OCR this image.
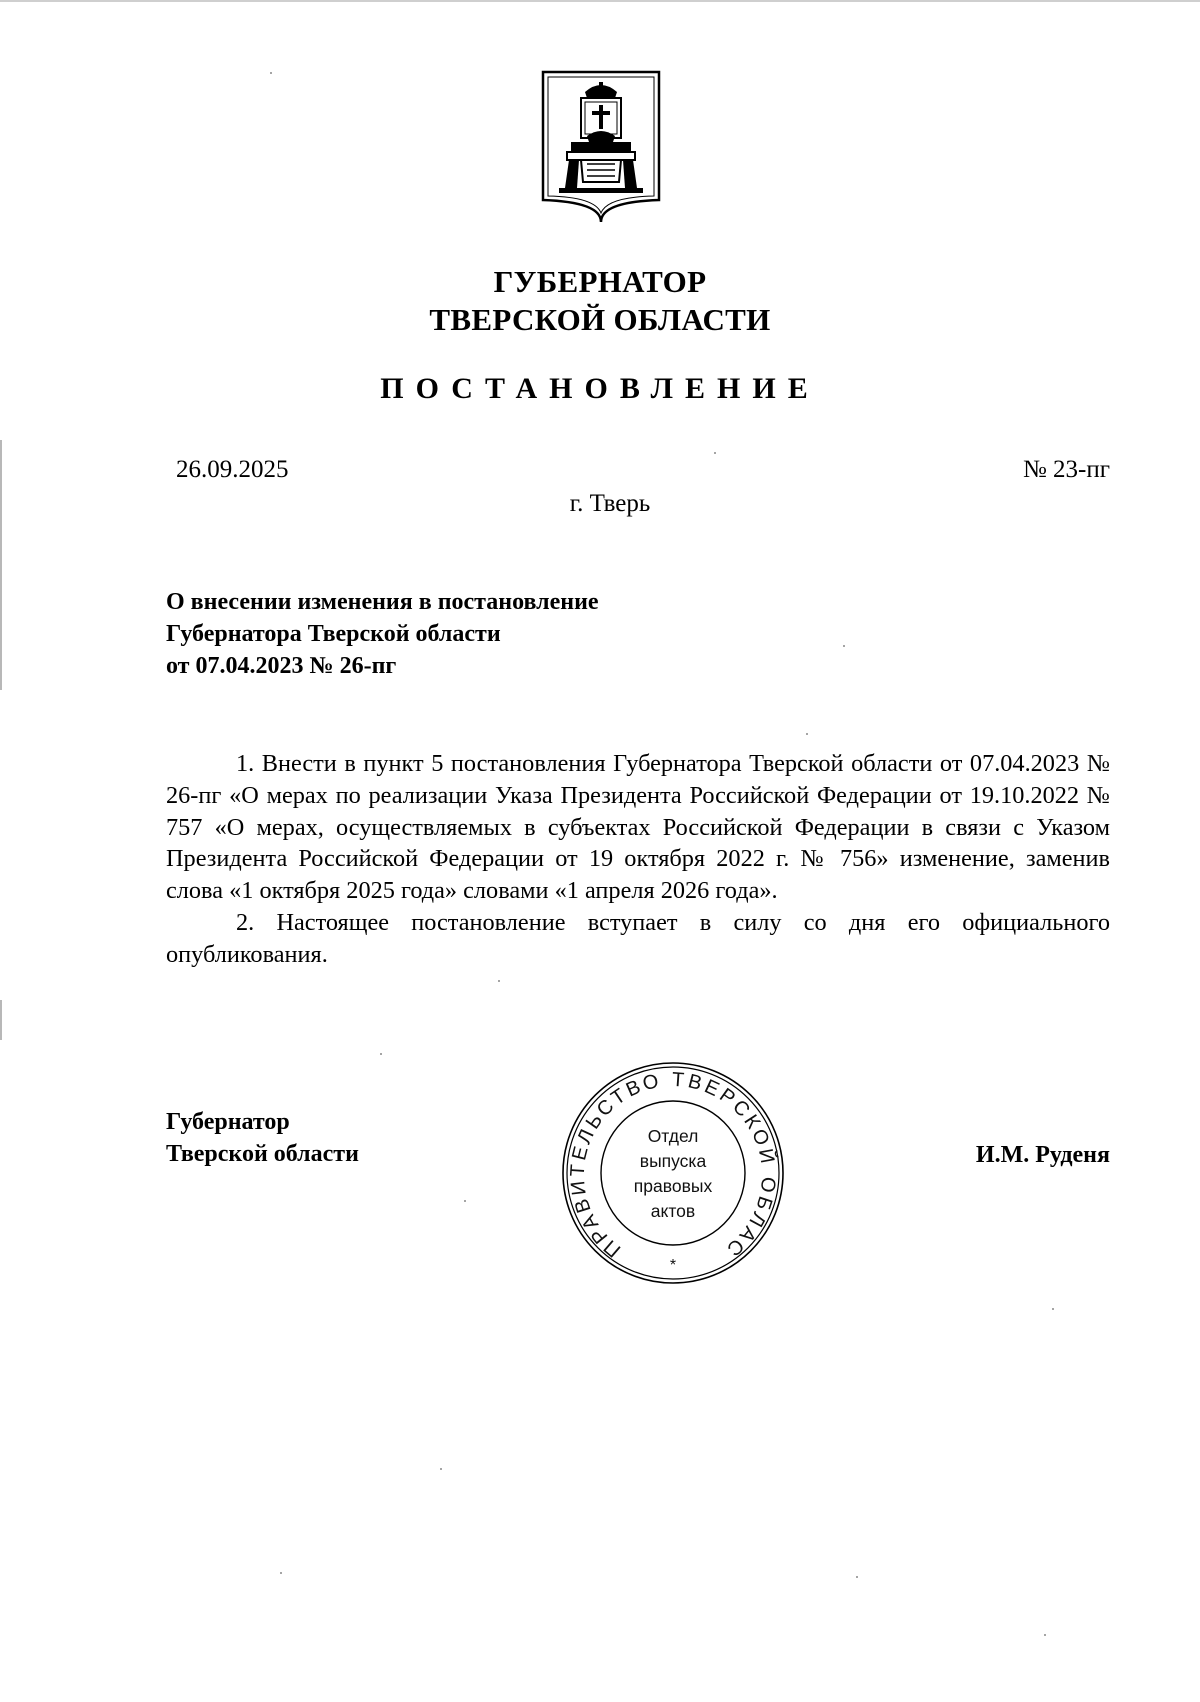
ГУБЕРНАТОР
ТВЕРСКОЙ ОБЛАСТИ
ПОСТАНОВЛЕНИЕ
26.09.2025	№ 23-пг
г. Тверь
О внесении изменения в постановление
Губернатора Тверской области
от 07.04.2023 № 26-пг

1. Внести в пункт 5 постановления Губернатора Тверской области от 07.04.2023 № 26-пг «О мерах по реализации Указа Президента Российской Федерации от 19.10.2022 № 757 «О мерах, осуществляемых в субъектах Российской Федерации в связи с Указом Президента Российской Федерации от 19 октября 2022 г. № 756» изменение, заменив слова «1 октября 2025 года» словами «1 апреля 2026 года».

2. Настоящее постановление вступает в силу со дня его официального опубликования.

Губернатор
Тверской области	И.М. Руденя
ПРАВИТЕЛЬСТВО ТВЕРСКОЙ ОБЛАС
*
Отдел
выпуска
правовых
актов
